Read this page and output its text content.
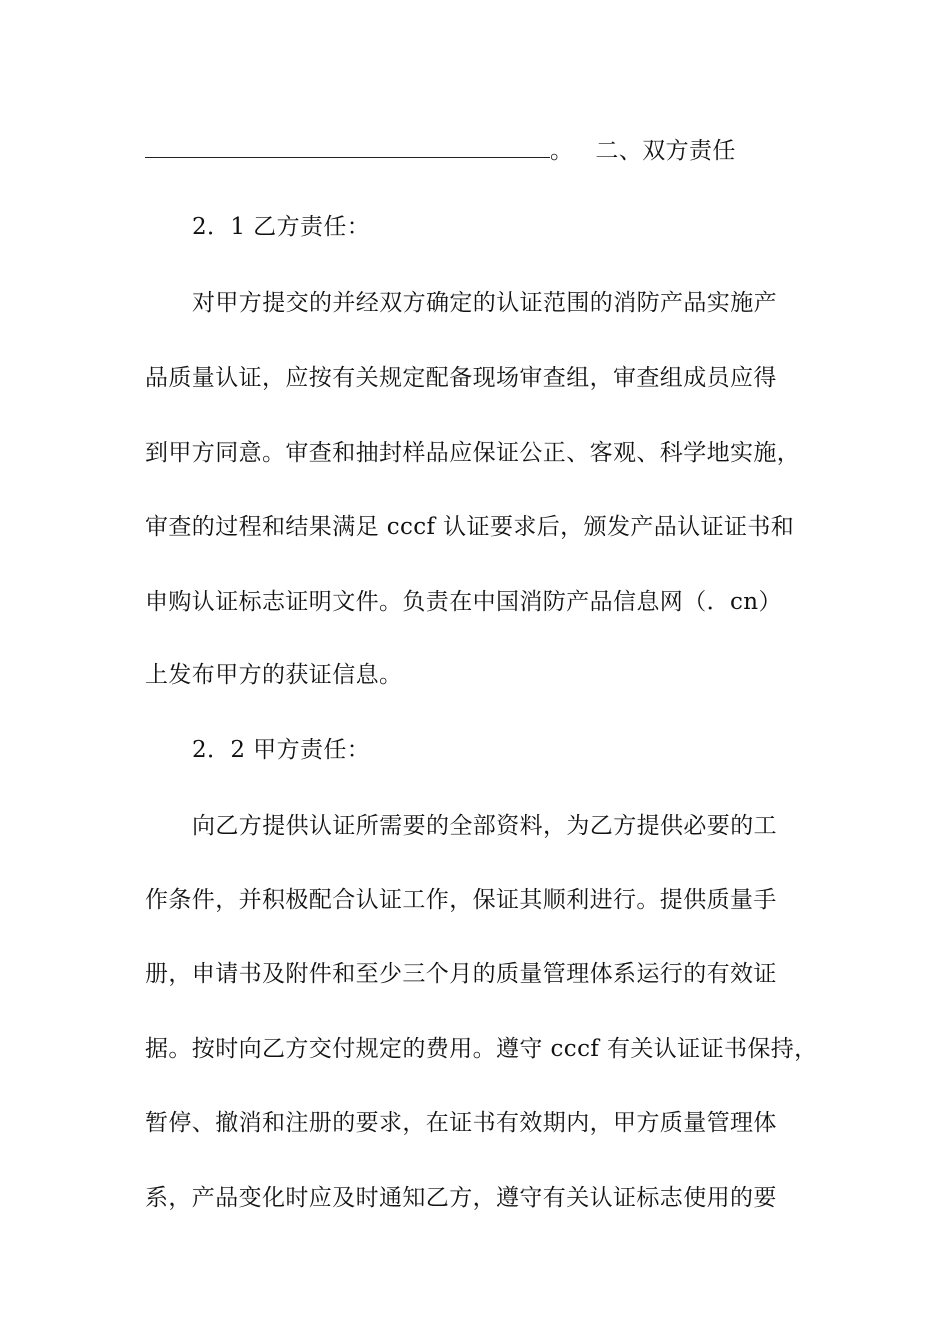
。 二、双方责任
2．1 乙方责任：
对甲方提交的并经双方确定的认证范围的消防产品实施产
品质量认证，应按有关规定配备现场审查组，审查组成员应得
到甲方同意。审查和抽封样品应保证公正、客观、科学地实施，
审查的过程和结果满足 cccf 认证要求后，颁发产品认证证书和
申购认证标志证明文件。负责在中国消防产品信息网（．cn）
上发布甲方的获证信息。
2．2 甲方责任：
向乙方提供认证所需要的全部资料，为乙方提供必要的工
作条件，并积极配合认证工作，保证其顺利进行。提供质量手
册，申请书及附件和至少三个月的质量管理体系运行的有效证
据。按时向乙方交付规定的费用。遵守 cccf 有关认证证书保持，
暂停、撤消和注册的要求，在证书有效期内，甲方质量管理体
系，产品变化时应及时通知乙方，遵守有关认证标志使用的要
